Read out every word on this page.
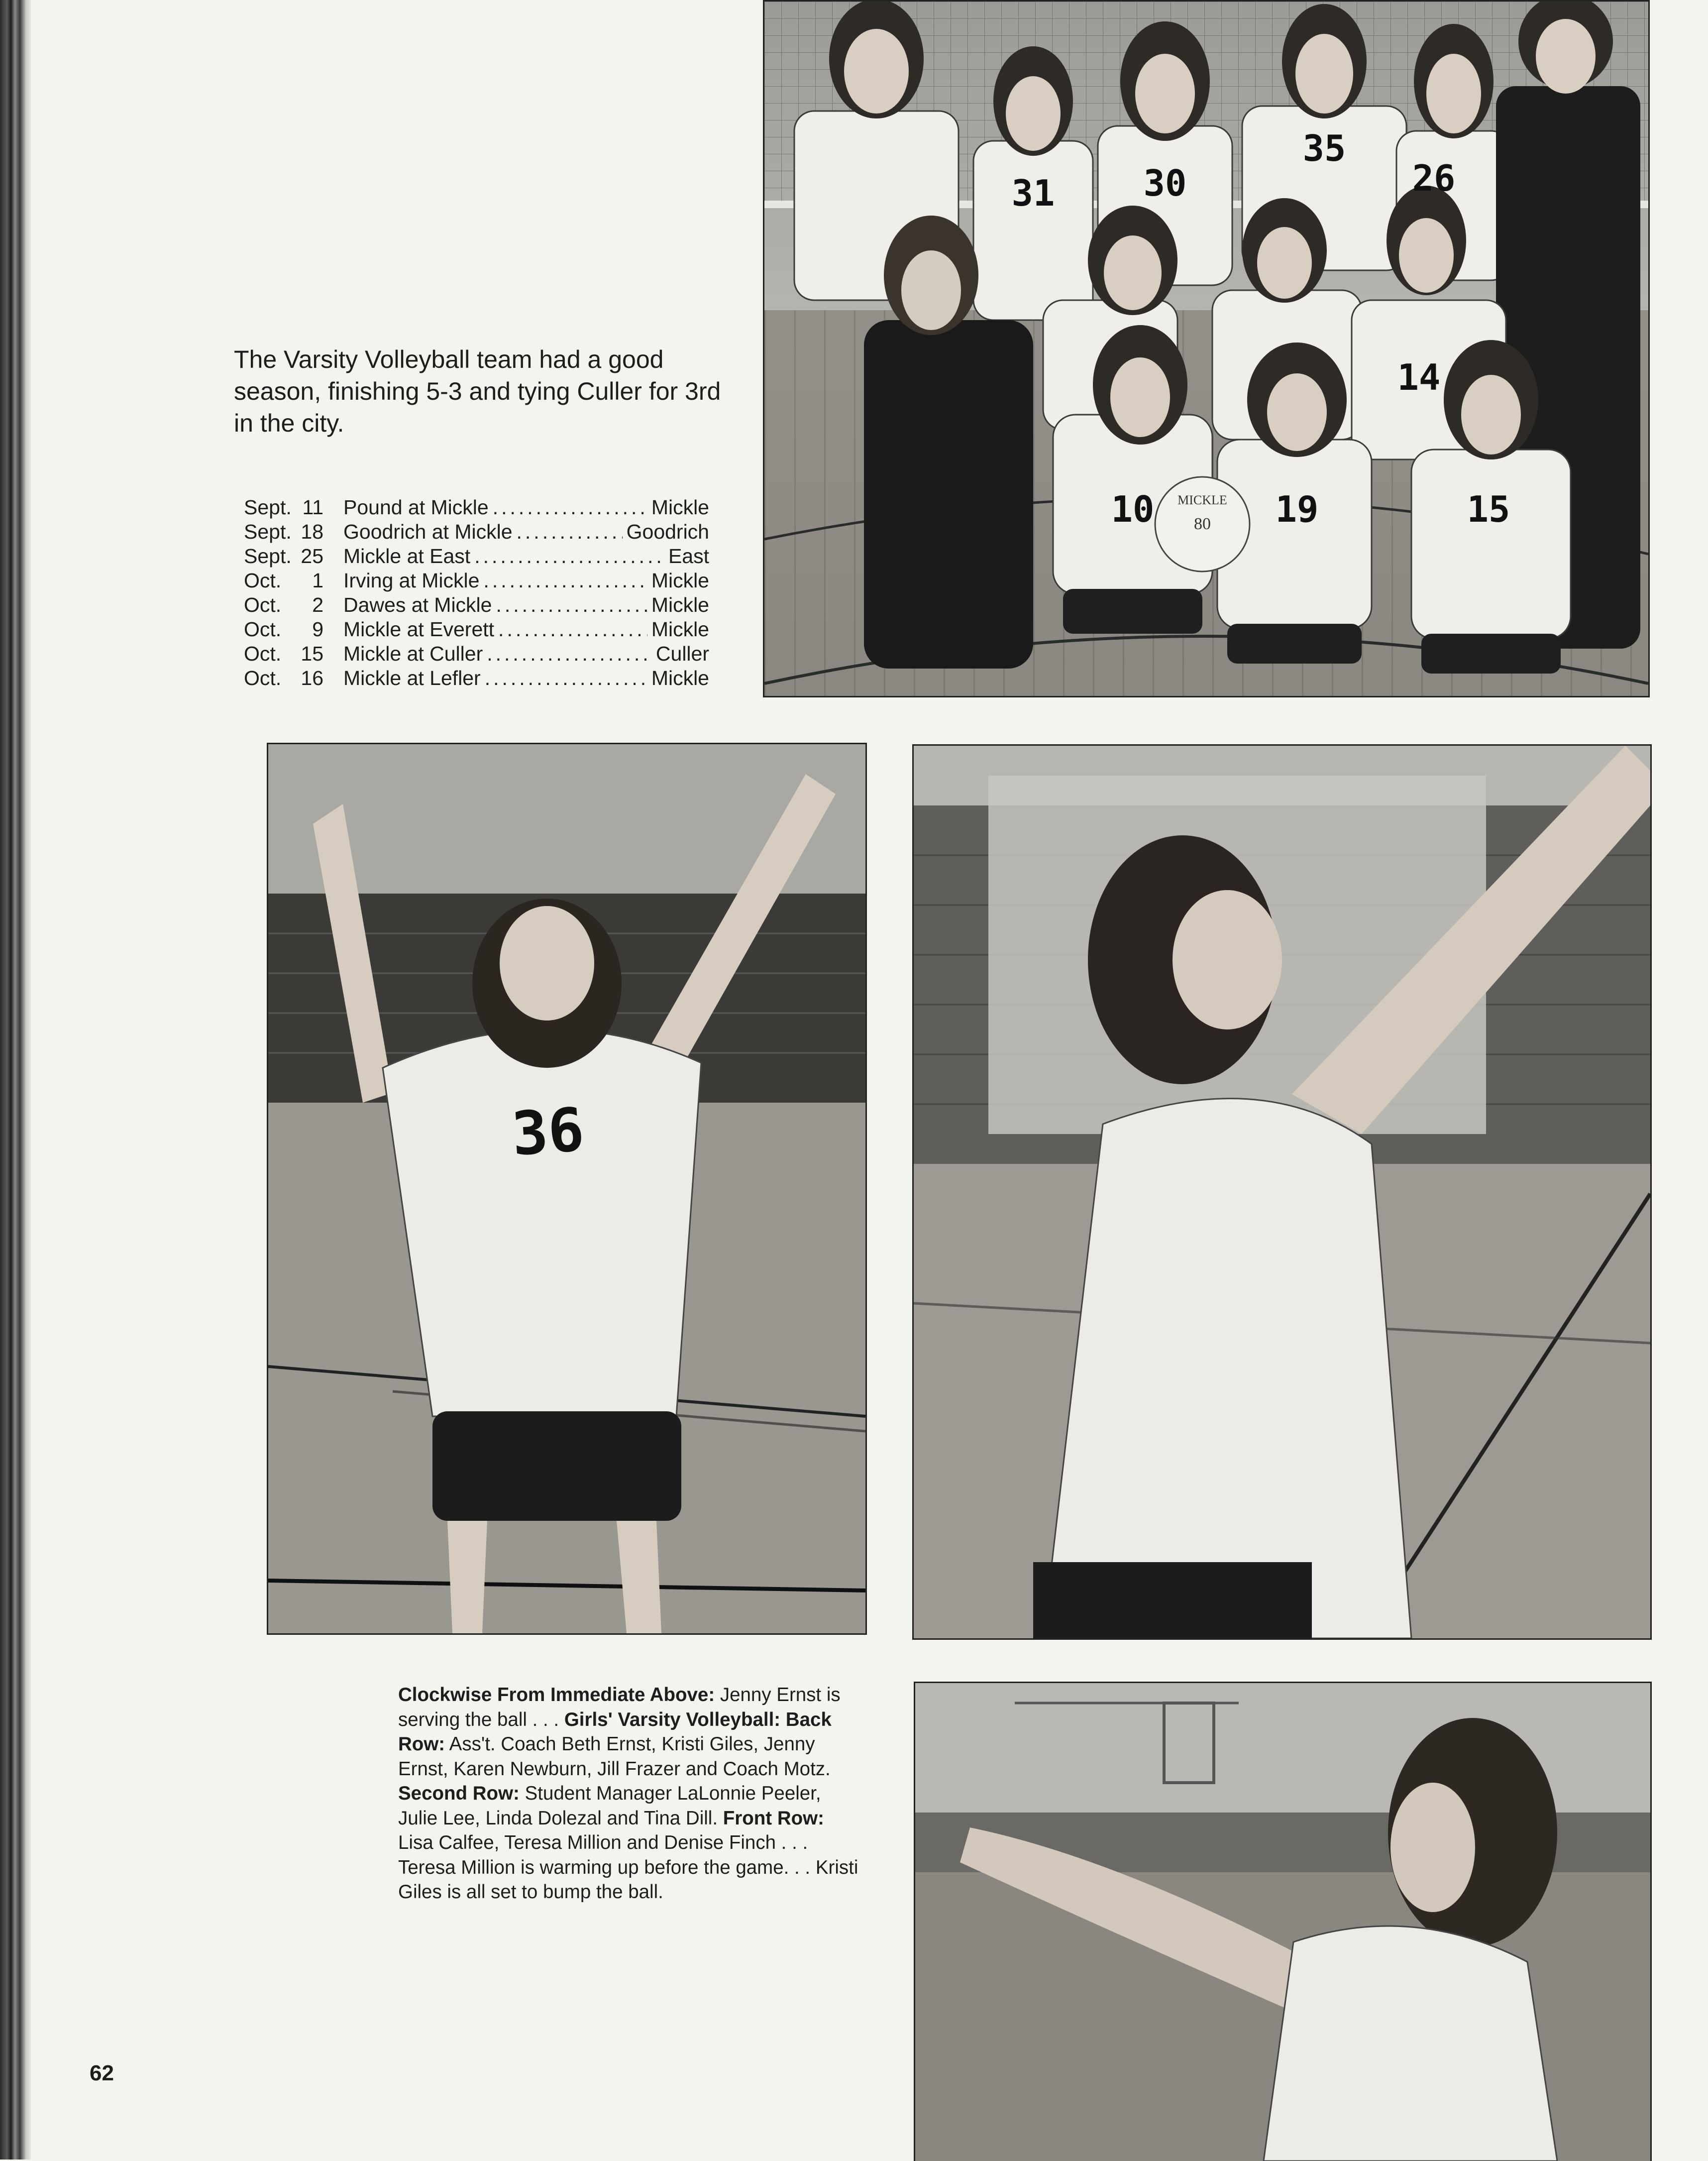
MICKLE
80
31 30
35
26
14
10	19	15

The Varsity Volleyball team had a good season, finishing 5-3 and tying Culler for 3rd in the city.

Sept. 11 Pound at Mickle .....	Mickle
Sept. 18 Goodrich at Mickle .....	Goodrich
Sept. 25 Mickle at East .....	East
Oct.	1 Irving at Mickle .....	Mickle
Oct.	2 Dawes at Mickle .....	Mickle
Oct.	9 Mickle at Everett .....	Mickle
Oct. 15 Mickle at Culler .....	Culler
Oct. 16 Mickle at Lefler .....	Mickle
36

Clockwise From Immediate Above: Jenny Ernst is serving the ball . . . Girls' Varsity Volleyball: Back Row: Ass't. Coach Beth Ernst, Kristi Giles, Jenny Ernst, Karen Newburn, Jill Frazer and Coach Motz. Second Row: Student Manager LaLonnie Peeler, Julie Lee, Linda Dolezal and Tina Dill. Front Row: Lisa Calfee, Teresa Million and Denise Finch . . . Teresa Million is warming up before the game. . . Kristi Giles is all set to bump the ball.

62
